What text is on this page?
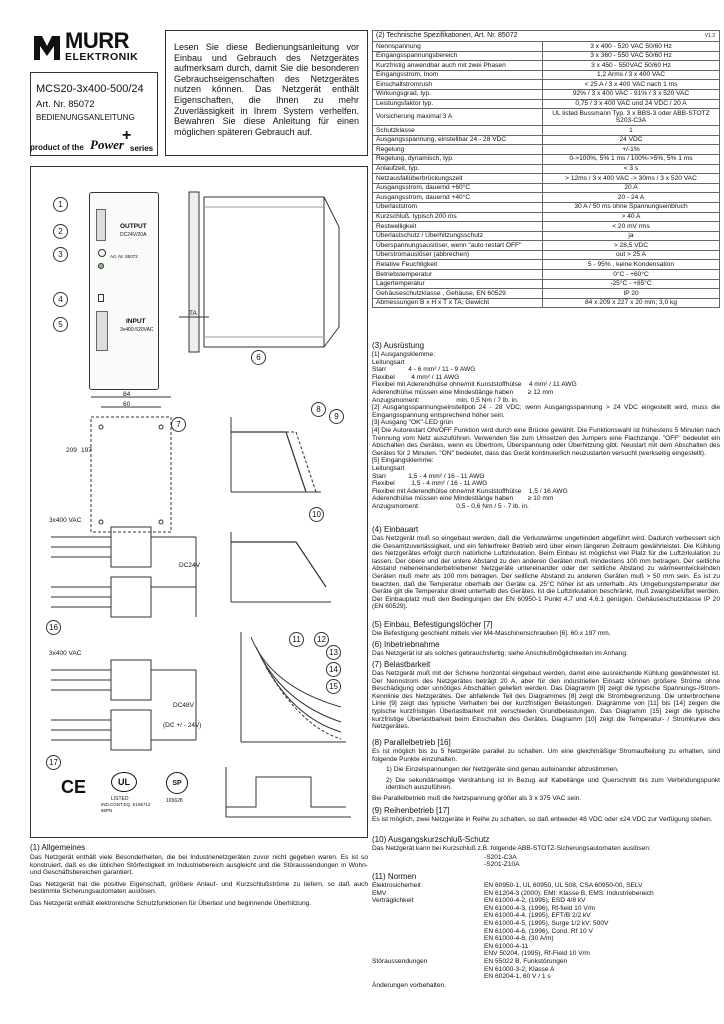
MURR
ELEKTRONIK
MCS20-3x400-500/24
Art. Nr. 85072
BEDIENUNGSANLEITUNG
product of the Power
+
series

Lesen Sie diese Bedienungsanleitung vor Einbau und Gebrauch des Netzgerätes aufmerksam durch, damit Sie die besonderen Gebrauchseigenschaften des Netzgerätes nutzen können. Das Netzgerät enthält Eigenschaften, die Ihnen zu mehr Zuverlässigkeit in Ihrem System verhelfen. Bewahren Sie diese Anleitung für einen möglichen späteren Gebrauch auf.

OUTPUT
DC24V/20A
INPUT
3x400-520VAC
Art. Nr. 85072
TA
84
60
209 197
3x400 VAC
DC24V
3x400 VAC
DC48V
(DC +/ - 24V)
CE	UL
LISTED
IND.CONT.EQ. E196712 66PN
SP
165628
1
2
3
4
5
6
7
8
9
10
11	12
13
14
15
16
17
(1) Allgemeines

Das Netzgerät enthält viele Besonderheiten, die bei Industrienetzgeräten zuvor nicht gegeben waren. Es ist so konstruiert, daß es die üblichen Störfestigkeit im Industriebereich ausgleicht und die Störaussendungen in Wohn- und Geschäftsbereichen garantiert.

Das Netzgerät hat die positive Eigenschaft, größere Anlauf- und Kurzschlußströme zu liefern, so daß auch bestimmte Sicherungsautomaten auslösen.

Das Netzgerät enthält elektronische Schutzfunktionen für Überlast und beginnende Überhitzung.

(2) Technische Spezifikationen, Art. Nr. 85072	V1.2
Nennspannung	3 x 400 - 520 VAC 50/60 Hz
Eingangsspannungsbereich	3 x 360 - 550 VAC 50/60 Hz
Kurzfristig anwendbar auch mit zwei Phasen	3 x 450 - 550VAC 50/60 Hz
Eingangsstrom, Inom	1,2 Arms / 3 x 400 VAC
Einschaltstromrush	< 25 A / 3 x 400 VAC nach 1 ms
Wirkungsgrad, typ.	92% / 3 x 400 VAC - 91% / 3 x 520 VAC
Leistungsfaktor typ.	0,75 / 3 x 400 VAC und 24 VDC / 20 A
Vorsicherung maximal 3 A	UL listed Bussmann Typ. 3 x BBS-3 oder ABB-STOTZ S203-C3A
Schutzklasse	1
Ausgangsspannung, einstellbar 24 - 28 VDC	24 VDC
Regelung	+/-1%
Regelung, dynamisch, typ.	0->100%, 5% 1 ms / 100%->5%, 5% 1 ms
Anlaufzeit, typ.	< 3 s
Netzausfallüberbrückungszeit	> 12ms / 3 x 400 VAC -> 30ms / 3 x 520 VAC
Ausgangsstrom, dauernd +60°C	20 A
Ausgangsstrom, dauernd +40°C	20 - 24 A
Überlaststrom	30 A / 50 ms ohne Spannungseinbruch
Kurzschluß, typisch 200 ms	> 40 A
Restwelligkeit	< 20 mV rms
Überlastschutz / Überhitzungsschutz	ja
Überspannungsauslöser, wenn "auto restart OFF"	> 28,5 VDC
Überstromauslöser (abbrechen)	out > 25 A
Relative Feuchtigkeit	5 - 95% , keine Kondensation
Betriebstemperatur	0°C - +60°C
Lagertemperatur	-25°C - +85°C
Gehäuseschutzklasse , Gehäuse, EN 60529	IP 20
Abmessungen B x H x T x TA; Gewicht	84 x 209 x 227 x 20 mm; 3,0 kg
(3) Ausrüstung

[1] Ausgangsklemme:

Leitungsart

Starr            4 - 6 mm² / 11 - 9 AWG

Flexibel         4 mm² / 11 AWG

Flexibel mit Aderendhülse ohne/mit Kunststoffhülse    4 mm² / 11 AWG

Aderendhülse müssen eine Mindestlänge haben        ≥ 12 mm

Anzugsmoment:                    min. 0,5 Nm / 7 lb. in.

[2] Ausgangsspannungseinstellpoti 24 - 28 VDC; wenn Ausgangsspannung > 24 VDC eingestellt wird, muss die Eingangsspannung entsprechend höher sein.

[3] Ausgang "OK"-LED grün

[4] Die Autorestart ON/OFF Funktion wird durch eine Brücke gewählt. Die Funktionswahl ist frühestens 5 Minuten nach Trennung vom Netz auszuführen. Verwenden Sie zum Umsetzen des Jumpers eine Flachzange. "OFF" bedeutet ein Abschalten des Gerätes, wenn es Übertrom, Überspannung oder Überhitzung gibt. Neustart mit dem Abschalten des Gerätes für 2 Minuten. "ON" bedeutet, dass das Gerät kontinuierlich neuzustarten versucht (werkseitig eingestellt).

[5] Eingangsklemme:

Leitungsart

Starr            1,5 - 4 mm² / 16 - 11 AWG

Flexibel         1,5 - 4 mm² / 16 - 11 AWG

Flexibel mit Aderendhülse ohne/mit Kunststoffhülse    1,5 / 16 AWG

Aderendhülse müssen eine Mindestlänge haben        ≥ 10 mm

Anzugsmoment:                    0,5 - 0,6 Nm / 5 - 7 lb. in.

(4) Einbauart

Das Netzgerät muß so eingebaut werden, daß die Verlustwärme ungehindert abgeführt wird. Dadurch verbessert sich die Gesamtzuverlässigkeit, und ein fehlerfreier Betrieb wird über einen längeren Zeitraum gewährleistet. Die Kühlung des Netzgerätes erfolgt durch natürliche Luftzirkulation. Beim Einbau ist möglichst viel Platz für die Luftzirkulation zu lassen. Der obere und der untere Abstand zu den anderen Geräten muß mindestens 100 mm betragen. Der seitliche Abstand nebeneinanderbetriebener Netzgeräte untereinander oder der seitliche Abstand zu wärmeentwickelnden Geräten muß mehr als 100 mm betragen. Der seitliche Abstand zu anderen Geräten muß > 50 mm sein. Es ist zu beachten, daß die Temperatur oberhalb der Geräte ca. 25°C höher ist als unterhalb. Als Umgebungstemperatur der Geräte gilt die Temperatur direkt unterhalb des Gerätes. Ist die Luftzirkulation beschränkt, muß zwangsbelüftet werden. Der Einbauplatz muß den Bedingungen der EN 60950-1 Punkt 4.7 und 4.6.1 genügen. Gehäuseschutzklasse IP 20 (EN 60529).

(5) Einbau, Befestigungslöcher [7]

Die Befestigung geschieht mittels vier M4-Maschinenschrauben [6]. 60 x 197 mm.

(6) Inbetriebnahme

Das Netzgerät ist als solches gebrauchsfertig; siehe Anschlußmöglichkeiten im Anhang.

(7) Belastbarkeit

Das Netzgerät muß mit der Schiene horizontal eingebaut werden, damit eine ausreichende Kühlung gewährleistet ist. Der Nennstrom des Netzgerätes beträgt 20 A, aber für den industriellen Einsatz können größere Ströme ohne Beschädigung oder unnötiges Abschalten geliefert werden. Das Diagramm [8] zeigt die typische Spannungs-/Strom- Kennlinie des Netzgerätes. Der abfallende Teil des Diagrammes [8] zeigt die Strombegrenzung. Die unterbrochene Linie [9] zeigt das typische Verhalten bei der kurzfristigen Belastungen. Diagramme von [11] bis [14] zeigen die typische kurzfristigen Überlastbarkeit mit verschieden Grundbelastungen. Das Diagramm [15] zeigt die typische kurzfristige Überlastbarkeit beim Einschalten des Gerätes. Diagramm [10] zeigt die Temperatur- / Stromkurve des Netzgerätes.

(8) Parallelbetrieb [16]

Es ist möglich bis zu 5 Netzgeräte parallel zu schalten. Um eine gleichmäßige Stromaufteilung zu erhalten, sind folgende Punkte einzuhalten.

1) Die Einzelspannungen der Netzgeräte sind genau aufeinander abzustimmen.

2) Die sekundärseitige Verdrahtung ist in Bezug auf Kabellänge und Querschnitt bis zum Verbindungspunkt identisch auszuführen.

Bei Parallelbetrieb muß die Netzspannung größer als 3 x 375 VAC sein.

(9) Reihenbetrieb [17]

Es ist möglich, zwei Netzgeräte in Reihe zu schalten, so daß entweder 48 VDC oder ±24 VDC zur Verfügung stehen.

(10) Ausgangskurzschluß-Schutz

Das Netzgerät kann bei Kurzschluß z.B. folgende ABB-STOTZ-Sicherungsautomaten auslösen:

-S201-C3A

-S201-Z10A

(11) Normen
Elektrosicherheit	EN 60950-1, UL 60950, UL 508, CSA 60950-00, SELV
EMV	EN 61204-3 (2000): EMI: Klasse B, EMS: Industriebereich
Verträglichkeit	EN 61000-4-2, (1995), ESD 4/8 kV
EN 61000-4-3, (1996), Rf-field 10 V/m
EN 61000-4-4, (1995), EFT/B 2/2 kV
EN 61000-4-5, (1995), Surge 1/2 kV; 500V
EN 61000-4-6, (1996), Cond. Rf 10 V
EN 61000-4-8, (30 A/m)
EN 61000-4-11
ENV 50204, (1995), Rf-Field 10 V/m
Störaussendungen	EN 55022 B, Funkstörungen
EN 61000-3-2, Klasse A
EN 60204-1, 60 V / 1 s

Änderungen vorbehalten.
